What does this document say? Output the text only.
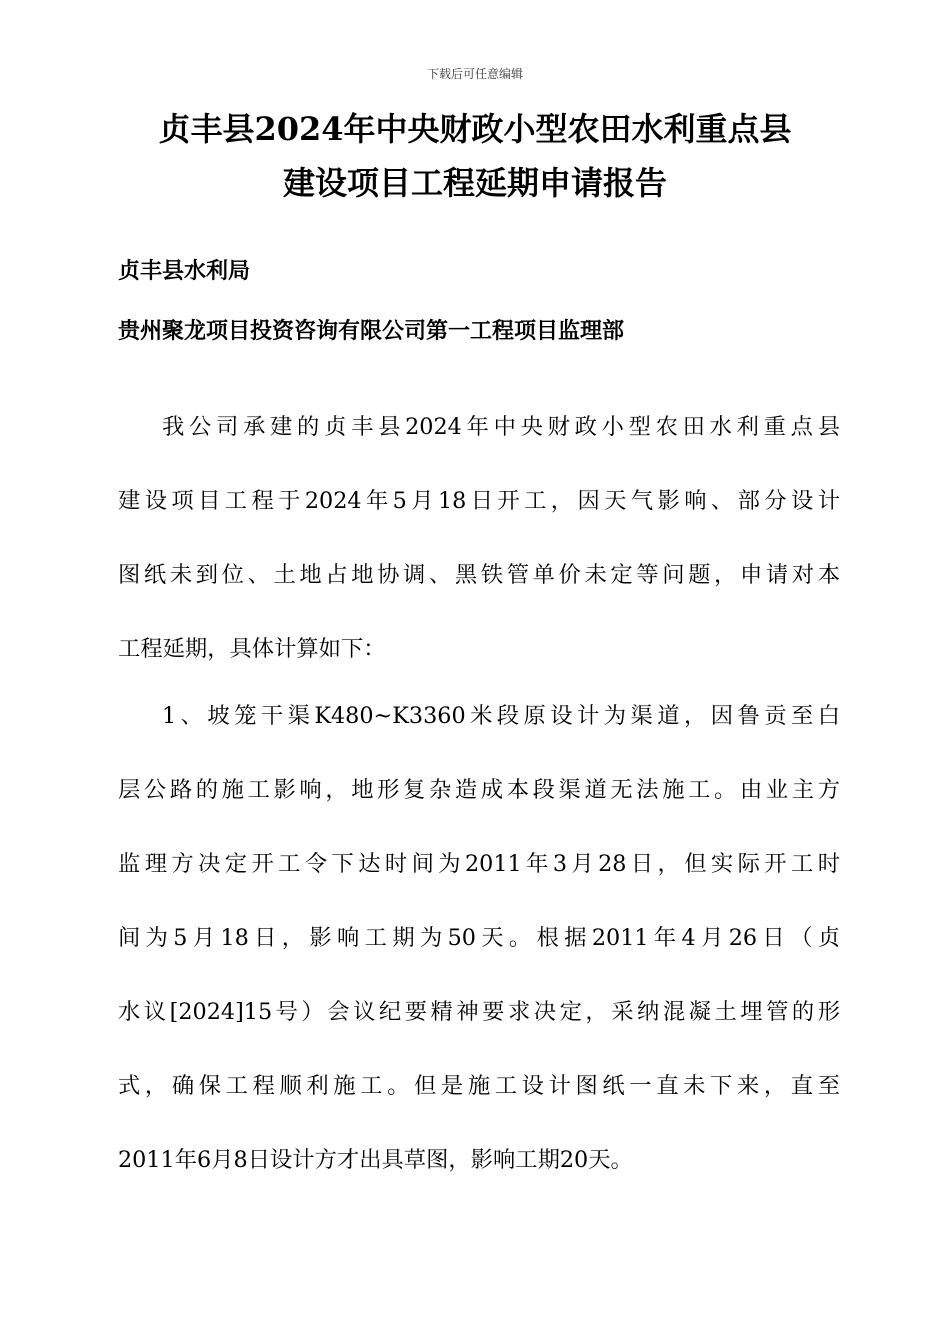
下载后可任意编辑
贞丰县2024年中央财政小型农田水利重点县
建设项目工程延期申请报告

贞丰县水利局

贵州聚龙项目投资咨询有限公司第一工程项目监理部

我公司承建的贞丰县2024年中央财政小型农田水利重点县
建设项目工程于2024年5月18日开工，因天气影响、部分设计
图纸未到位、土地占地协调、黑铁管单价未定等问题，申请对本
工程延期，具体计算如下：
1、坡笼干渠K480~K3360米段原设计为渠道，因鲁贡至白
层公路的施工影响，地形复杂造成本段渠道无法施工。由业主方
监理方决定开工令下达时间为2011年3月28日，但实际开工时
间为5月18日，影响工期为50天。根据2011年4月26日（贞
水议[2024]15号）会议纪要精神要求决定，采纳混凝土埋管的形
式，确保工程顺利施工。但是施工设计图纸一直未下来，直至
2011年6月8日设计方才出具草图，影响工期20天。
